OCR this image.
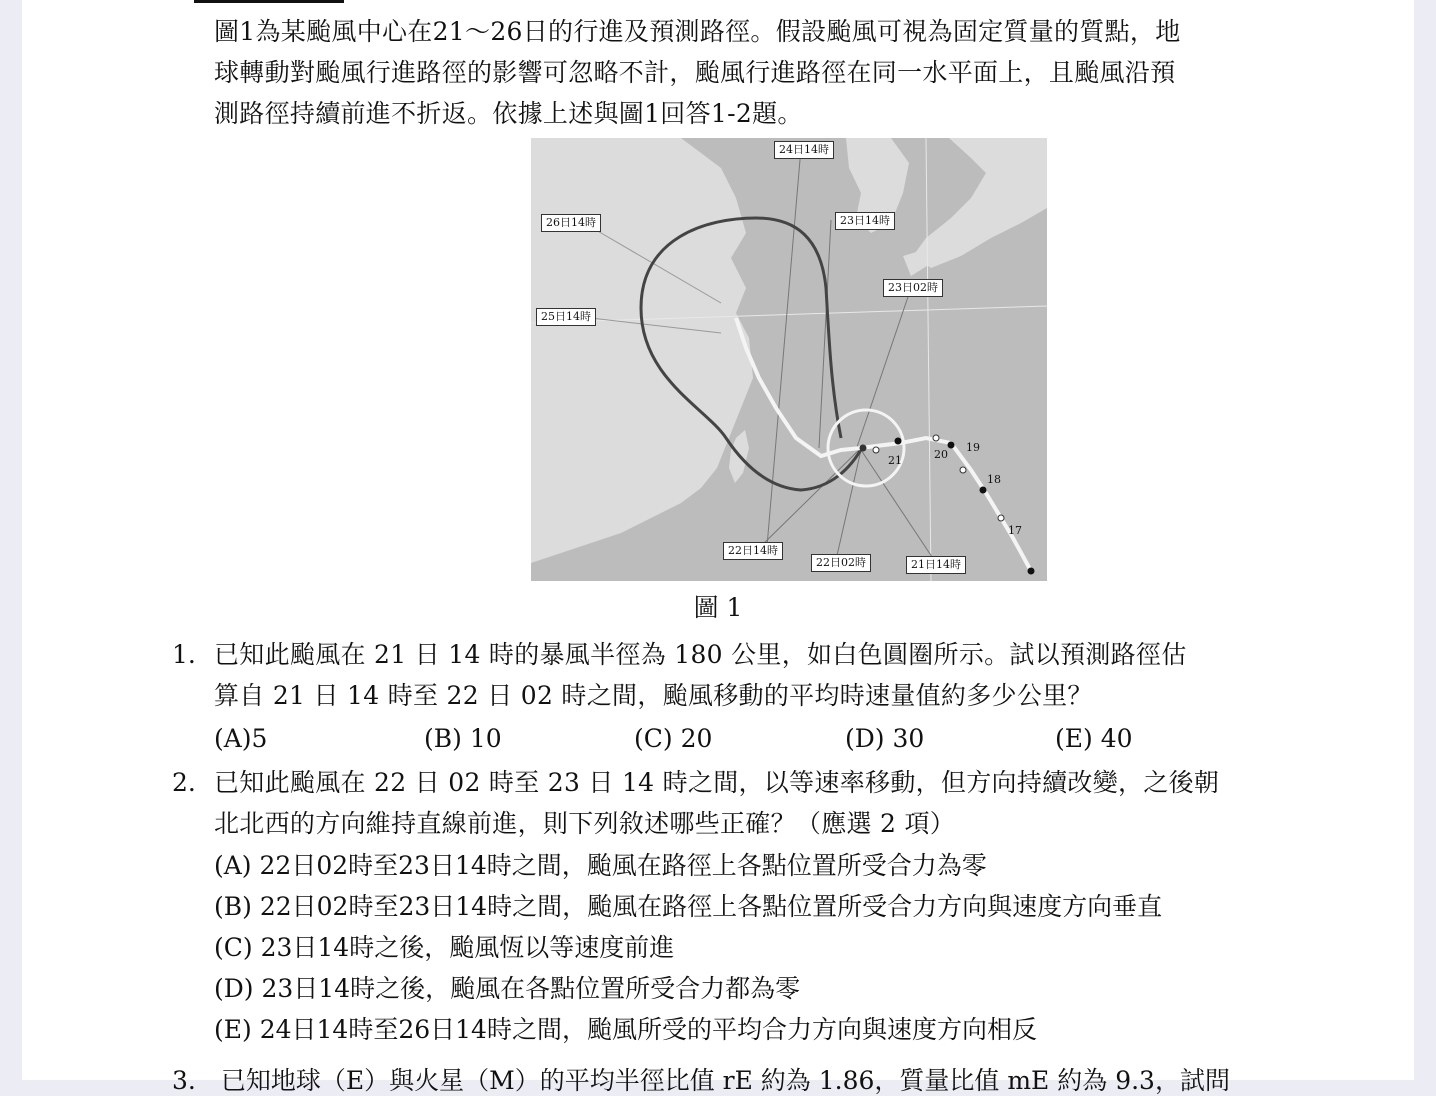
圖1為某颱風中心在21～26日的行進及預測路徑。假設颱風可視為固定質量的質點，地
球轉動對颱風行進路徑的影響可忽略不計，颱風行進路徑在同一水平面上，且颱風沿預
測路徑持續前進不折返。依據上述與圖1回答1-2題。
24日14時
26日14時	23日14時
23日02時
25日14時
22日14時
22日02時	21日14時
21	20
19
18
17
圖 1
1. 已知此颱風在 21 日 14 時的暴風半徑為 180 公里，如白色圓圈所示。試以預測路徑估
算自 21 日 14 時至 22 日 02 時之間，颱風移動的平均時速量值約多少公里？
(A)5	(B) 10	(C) 20	(D) 30	(E) 40
2. 已知此颱風在 22 日 02 時至 23 日 14 時之間，以等速率移動，但方向持續改變，之後朝
北北西的方向維持直線前進，則下列敘述哪些正確？（應選 2 項）
(A) 22日02時至23日14時之間，颱風在路徑上各點位置所受合力為零
(B) 22日02時至23日14時之間，颱風在路徑上各點位置所受合力方向與速度方向垂直
(C) 23日14時之後，颱風恆以等速度前進
(D) 23日14時之後，颱風在各點位置所受合力都為零
(E) 24日14時至26日14時之間，颱風所受的平均合力方向與速度方向相反
3.　已知地球（E）與火星（M）的平均半徑比值 rE 約為 1.86，質量比值 mE 約為 9.3，試問
